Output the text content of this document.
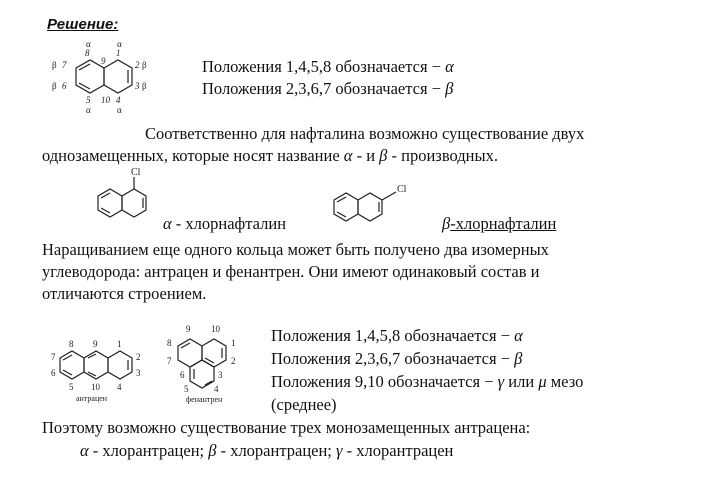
Решение:
8	1
2
3
4
10
5
6
7	9
α	α
β
β
α
α
β
β	Положения 1,4,5,8 обозначается − α
Положения 2,3,6,7 обозначается − β
Соответственно для нафталина возможно существование двух
однозамещенных, которые носят название α - и β - производных.
Cl
α - хлорнафталин
Cl
β-хлорнафталин
Наращиванием еще одного кольца может быть получено два изомерных
углеводорода: антрацен и фенантрен. Они имеют одинаковый состав и
отличаются строением.
8 9 1
7	2
6	3
5 10 4
антрацен
9 10
8	1
7	2
6	3
5	4
фенантрен
Положения 1,4,5,8 обозначается − α
Положения 2,3,6,7 обозначается − β
Положения 9,10 обозначается − γ или μ мезо
(среднее)
Поэтому возможно существование трех монозамещенных антрацена:
α - хлорантрацен; β - хлорантрацен; γ - хлорантрацен
